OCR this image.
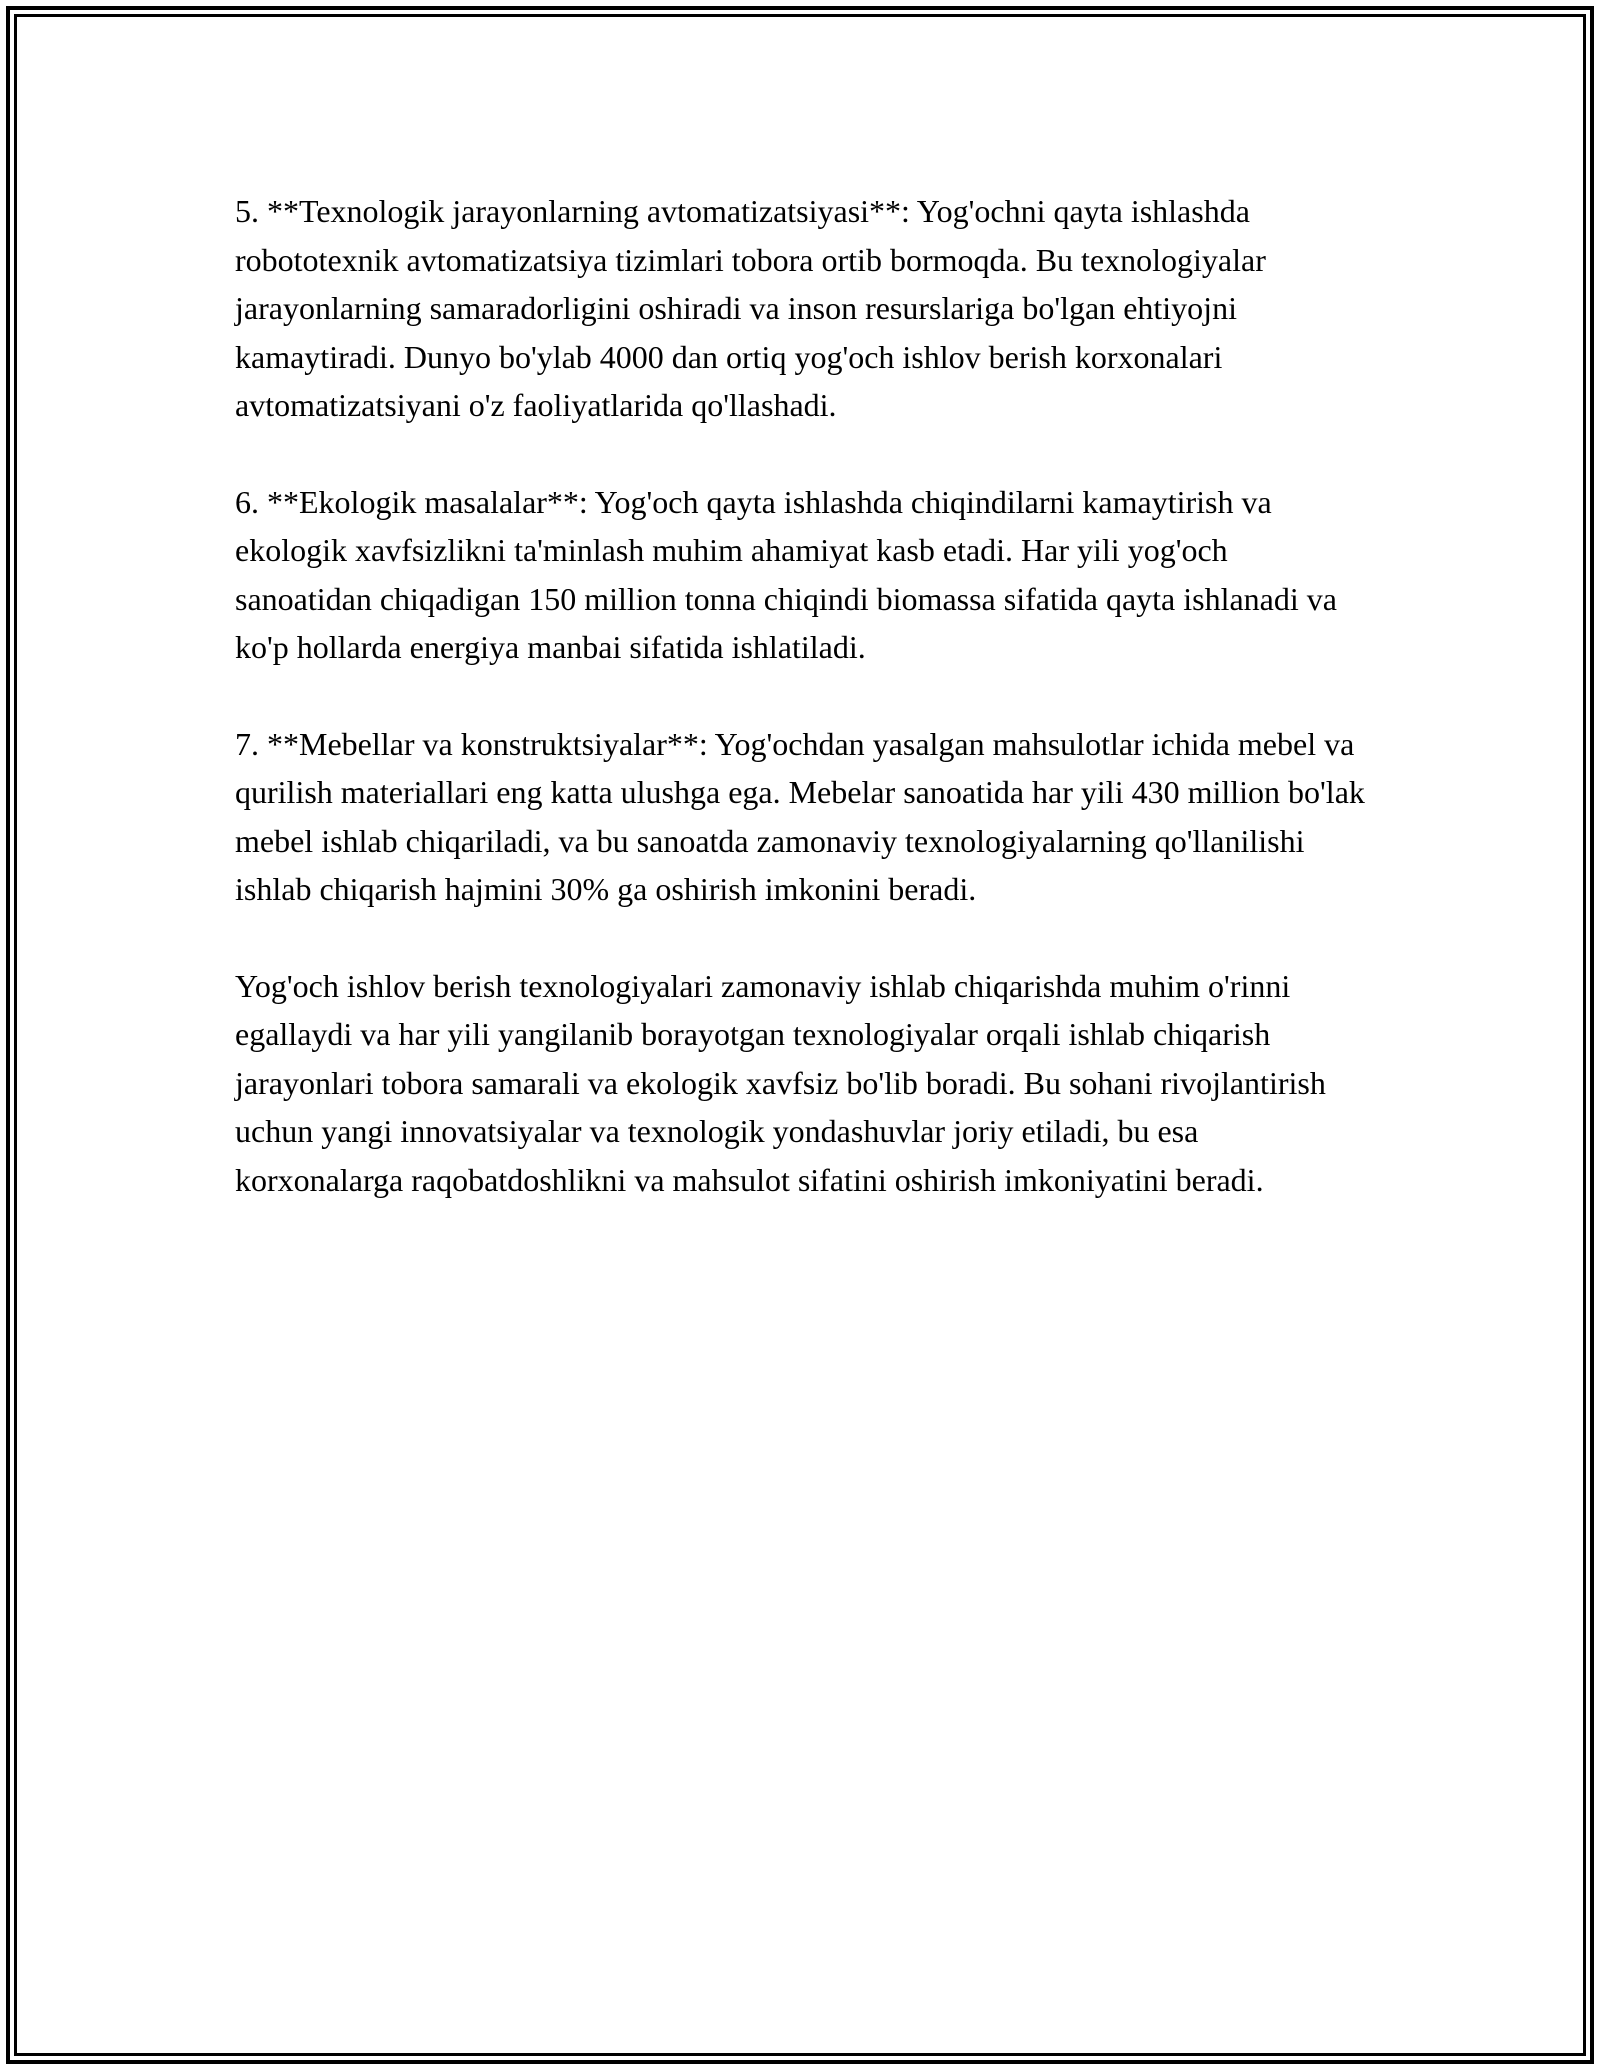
5. **Texnologik jarayonlarning avtomatizatsiyasi**: Yog'ochni qayta ishlashda robototexnik avtomatizatsiya tizimlari tobora ortib bormoqda. Bu texnologiyalar jarayonlarning samaradorligini oshiradi va inson resurslariga bo'lgan ehtiyojni kamaytiradi. Dunyo bo'ylab 4000 dan ortiq yog'och ishlov berish korxonalari avtomatizatsiyani o'z faoliyatlarida qo'llashadi.

6. **Ekologik masalalar**: Yog'och qayta ishlashda chiqindilarni kamaytirish va ekologik xavfsizlikni ta'minlash muhim ahamiyat kasb etadi. Har yili yog'och sanoatidan chiqadigan 150 million tonna chiqindi biomassa sifatida qayta ishlanadi va ko'p hollarda energiya manbai sifatida ishlatiladi.

7. **Mebellar va konstruktsiyalar**: Yog'ochdan yasalgan mahsulotlar ichida mebel va qurilish materiallari eng katta ulushga ega. Mebelar sanoatida har yili 430 million bo'lak mebel ishlab chiqariladi, va bu sanoatda zamonaviy texnologiyalarning qo'llanilishi ishlab chiqarish hajmini 30% ga oshirish imkonini beradi.

Yog'och ishlov berish texnologiyalari zamonaviy ishlab chiqarishda muhim o'rinni egallaydi va har yili yangilanib borayotgan texnologiyalar orqali ishlab chiqarish jarayonlari tobora samarali va ekologik xavfsiz bo'lib boradi. Bu sohani rivojlantirish uchun yangi innovatsiyalar va texnologik yondashuvlar joriy etiladi, bu esa korxonalarga raqobatdoshlikni va mahsulot sifatini oshirish imkoniyatini beradi.
